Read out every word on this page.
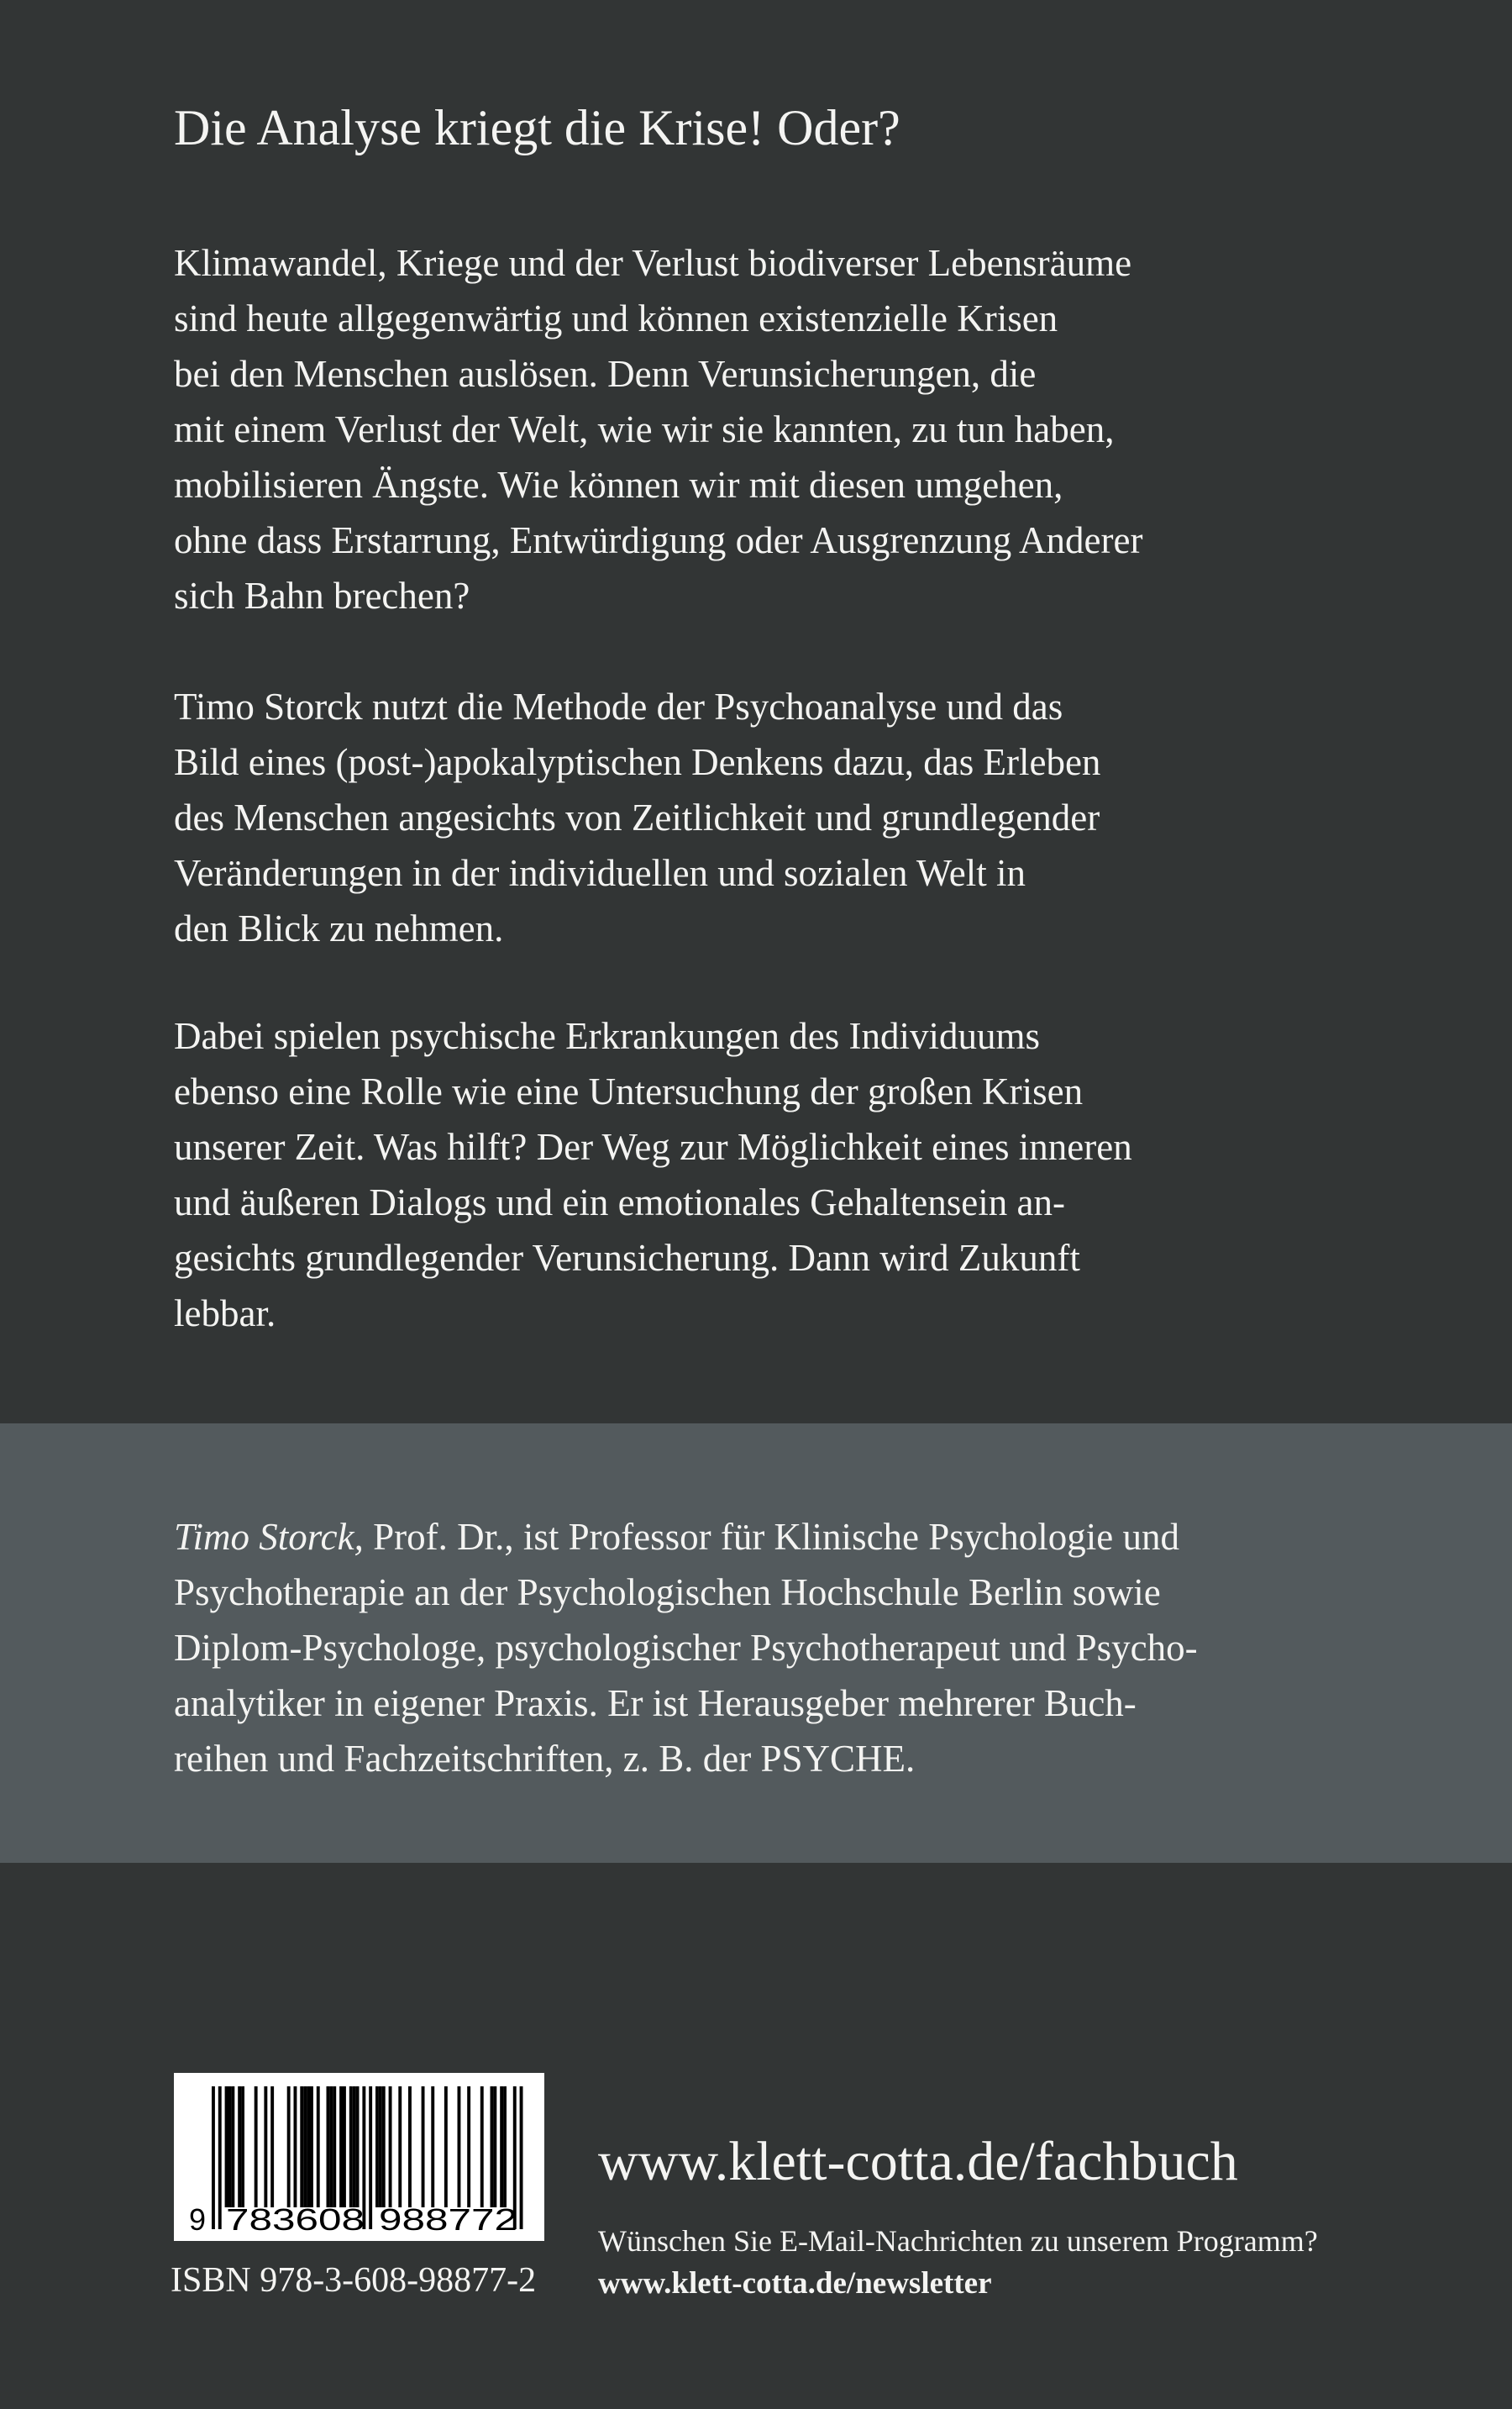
Die Analyse kriegt die Krise! Oder?
Klimawandel, Kriege und der Verlust biodiverser Lebensräume
sind heute allgegenwärtig und können existenzielle Krisen
bei den Menschen auslösen. Denn Verunsicherungen, die
mit einem Verlust der Welt, wie wir sie kannten, zu tun haben,
mobilisieren Ängste. Wie können wir mit diesen umgehen,
ohne dass Erstarrung, Entwürdigung oder Ausgrenzung Anderer
sich Bahn brechen?
Timo Storck nutzt die Methode der Psychoanalyse und das
Bild eines (post-)apokalyptischen Denkens dazu, das Erleben
des Menschen angesichts von Zeitlichkeit und grundlegender
Veränderungen in der individuellen und sozialen Welt in
den Blick zu nehmen.
Dabei spielen psychische Erkrankungen des Individuums
ebenso eine Rolle wie eine Untersuchung der großen Krisen
unserer Zeit. Was hilft? Der Weg zur Möglichkeit eines inneren
und äußeren Dialogs und ein emotionales Gehaltensein an-
gesichts grundlegender Verunsicherung. Dann wird Zukunft
lebbar.
Timo Storck, Prof. Dr., ist Professor für Klinische Psychologie und
Psychotherapie an der Psychologischen Hochschule Berlin sowie
Diplom-Psychologe, psychologischer Psychotherapeut und Psycho-
analytiker in eigener Praxis. Er ist Herausgeber mehrerer Buch-
reihen und Fachzeitschriften, z. B. der PSYCHE.
9 783608 988772
ISBN 978-3-608-98877-2
www.klett-cotta.de/fachbuch
Wünschen Sie E-Mail-Nachrichten zu unserem Programm?
www.klett-cotta.de/newsletter
